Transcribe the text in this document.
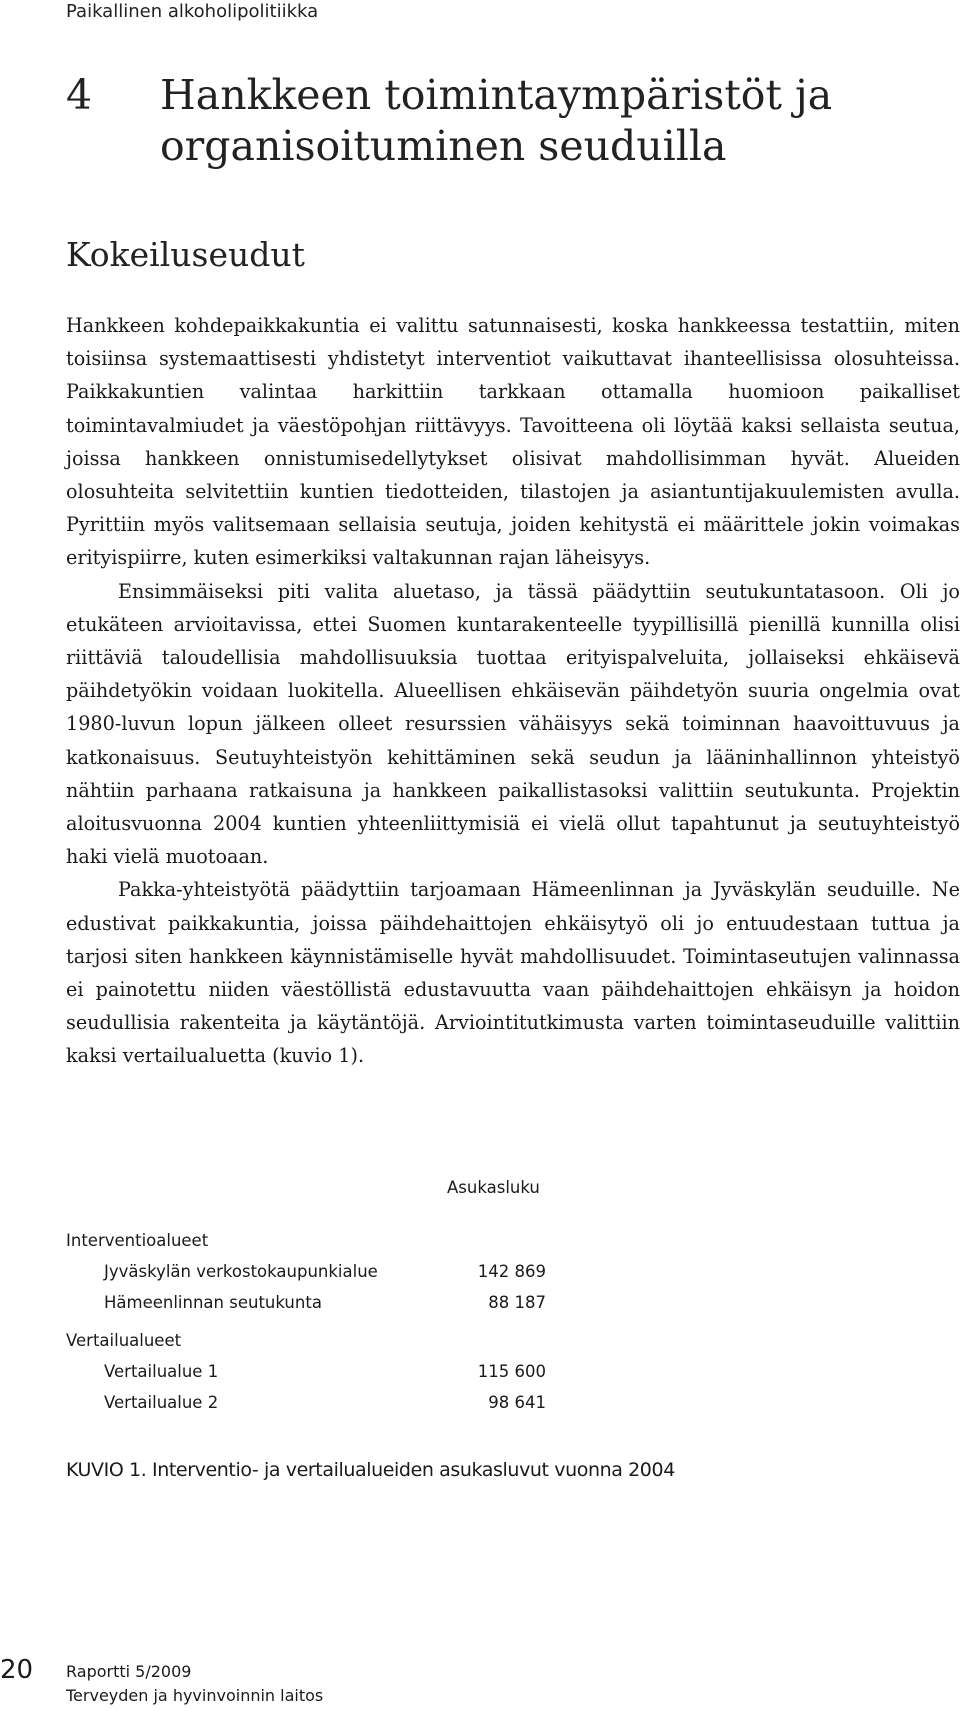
Paikallinen alkoholipolitiikka
4 Hankkeen toimintaympäristöt ja organisoituminen seuduilla
Kokeiluseudut

Hankkeen kohdepaikkakuntia ei valittu satunnaisesti, koska hankkeessa testattiin, miten toisiinsa systemaattisesti yhdistetyt interventiot vaikuttavat ihanteellisissa olosuhteissa. Paikkakuntien valintaa harkittiin tarkkaan ottamalla huomioon paikalliset toimintavalmiudet ja väestöpohjan riittävyys. Tavoitteena oli löytää kaksi sellaista seutua, joissa hankkeen onnistumisedellytykset olisivat mahdollisimman hyvät. Alueiden olosuhteita selvitettiin kuntien tiedotteiden, tilastojen ja asiantuntijakuulemisten avulla. Pyrittiin myös valitsemaan sellaisia seutuja, joiden kehitystä ei määrittele jokin voimakas erityispiirre, kuten esimerkiksi valtakunnan rajan läheisyys.

Ensimmäiseksi piti valita aluetaso, ja tässä päädyttiin seutukuntatasoon. Oli jo etukäteen arvioitavissa, ettei Suomen kuntarakenteelle tyypillisillä pienillä kunnilla olisi riittäviä taloudellisia mahdollisuuksia tuottaa erityispalveluita, jollaiseksi ehkäisevä päihdetyökin voidaan luokitella. Alueellisen ehkäisevän päihdetyön suuria ongelmia ovat 1980-luvun lopun jälkeen olleet resurssien vähäisyys sekä toiminnan haavoittuvuus ja katkonaisuus. Seutuyhteistyön kehittäminen sekä seudun ja lääninhallinnon yhteistyö nähtiin parhaana ratkaisuna ja hankkeen paikallistasoksi valittiin seutukunta. Projektin aloitusvuonna 2004 kuntien yhteenliittymisiä ei vielä ollut tapahtunut ja seutuyhteistyö haki vielä muotoaan.

Pakka-yhteistyötä päädyttiin tarjoamaan Hämeenlinnan ja Jyväskylän seuduille. Ne edustivat paikkakuntia, joissa päihdehaittojen ehkäisytyö oli jo entuudestaan tuttua ja tarjosi siten hankkeen käynnistämiselle hyvät mahdollisuudet. Toimintaseutujen valinnassa ei painotettu niiden väestöllistä edustavuutta vaan päihdehaittojen ehkäisyn ja hoidon seudullisia rakenteita ja käytäntöjä. Arviointitutkimusta varten toimintaseuduille valittiin kaksi vertailualuetta (kuvio 1).

Asukasluku
Interventioalueet
Jyväskylän verkostokaupunkialue	142 869
Hämeenlinnan seutukunta	88 187
Vertailualueet
Vertailualue 1	115 600
Vertailualue 2	98 641
KUVIO 1. Interventio- ja vertailualueiden asukasluvut vuonna 2004
20 Raportti 5/2009
Terveyden ja hyvinvoinnin laitos
